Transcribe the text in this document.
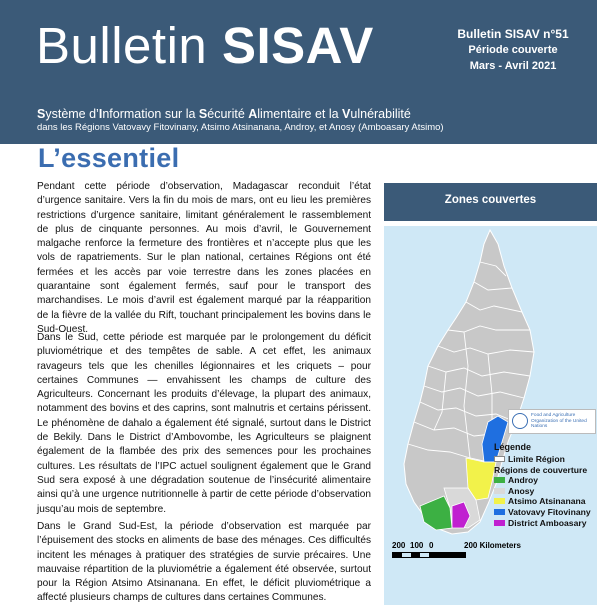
Bulletin SISAV	Bulletin SISAV n°51
Période couverte
Mars - Avril 2021
Système d’Information sur la Sécurité Alimentaire et la Vulnérabilité
dans les Régions Vatovavy Fitovinany, Atsimo Atsinanana, Androy, et Anosy (Amboasary Atsimo)
L’essentiel

Pendant cette période d’observation, Madagascar reconduit l’état d’urgence sanitaire. Vers la fin du mois de mars, ont eu lieu les premières restrictions d’urgence sanitaire, limitant généralement le rassemblement de plus de cinquante personnes. Au mois d’avril, le Gouvernement malgache renforce la fermeture des frontières et n’accepte plus que les vols de rapatriements. Sur le plan national, certaines Régions ont été fermées et les accès par voie terrestre dans les zones placées en quarantaine sont également fermés, sauf pour le transport des marchandises. Le mois d’avril est également marqué par la réapparition de la fièvre de la vallée du Rift, touchant principalement les bovins dans le Sud-Ouest.

Dans le Sud, cette période est marquée par le prolongement du déficit pluviométrique et des tempêtes de sable. A cet effet, les animaux ravageurs tels que les chenilles légionnaires et les criquets – pour certaines Communes — envahissent les champs de culture des Agriculteurs. Concernant les produits d’élevage, la plupart des animaux, notamment des bovins et des caprins, sont malnutris et certains périssent. Le phénomène de dahalo a également été signalé, surtout dans le District de Bekily. Dans le District d’Ambovombe, les Agriculteurs se plaignent également de la flambée des prix des semences pour les prochaines cultures. Les résultats de l’IPC actuel soulignent également que le Grand Sud sera exposé à une dégradation soutenue de l’insécurité alimentaire ainsi qu’à une urgence nutritionnelle à partir de cette période d’observation jusqu’au mois de septembre.

Dans le Grand Sud-Est, la période d’observation est marquée par l’épuisement des stocks en aliments de base des ménages. Ces difficultés incitent les ménages à pratiquer des stratégies de survie précaires. Une mauvaise répartition de la pluviométrie a également été observée, surtout pour la Région Atsimo Atsinanana. En effet, le déficit pluviométrique a affecté plusieurs champs de cultures dans certaines Communes.

Zones couvertes
Food and Agriculture Organization of the United Nations
Légende
Limite Région
Régions de couverture
Androy
Anosy
Atsimo Atsinanana
Vatovavy Fitovinany
District Amboasary
200 100 0	200 Kilometers
